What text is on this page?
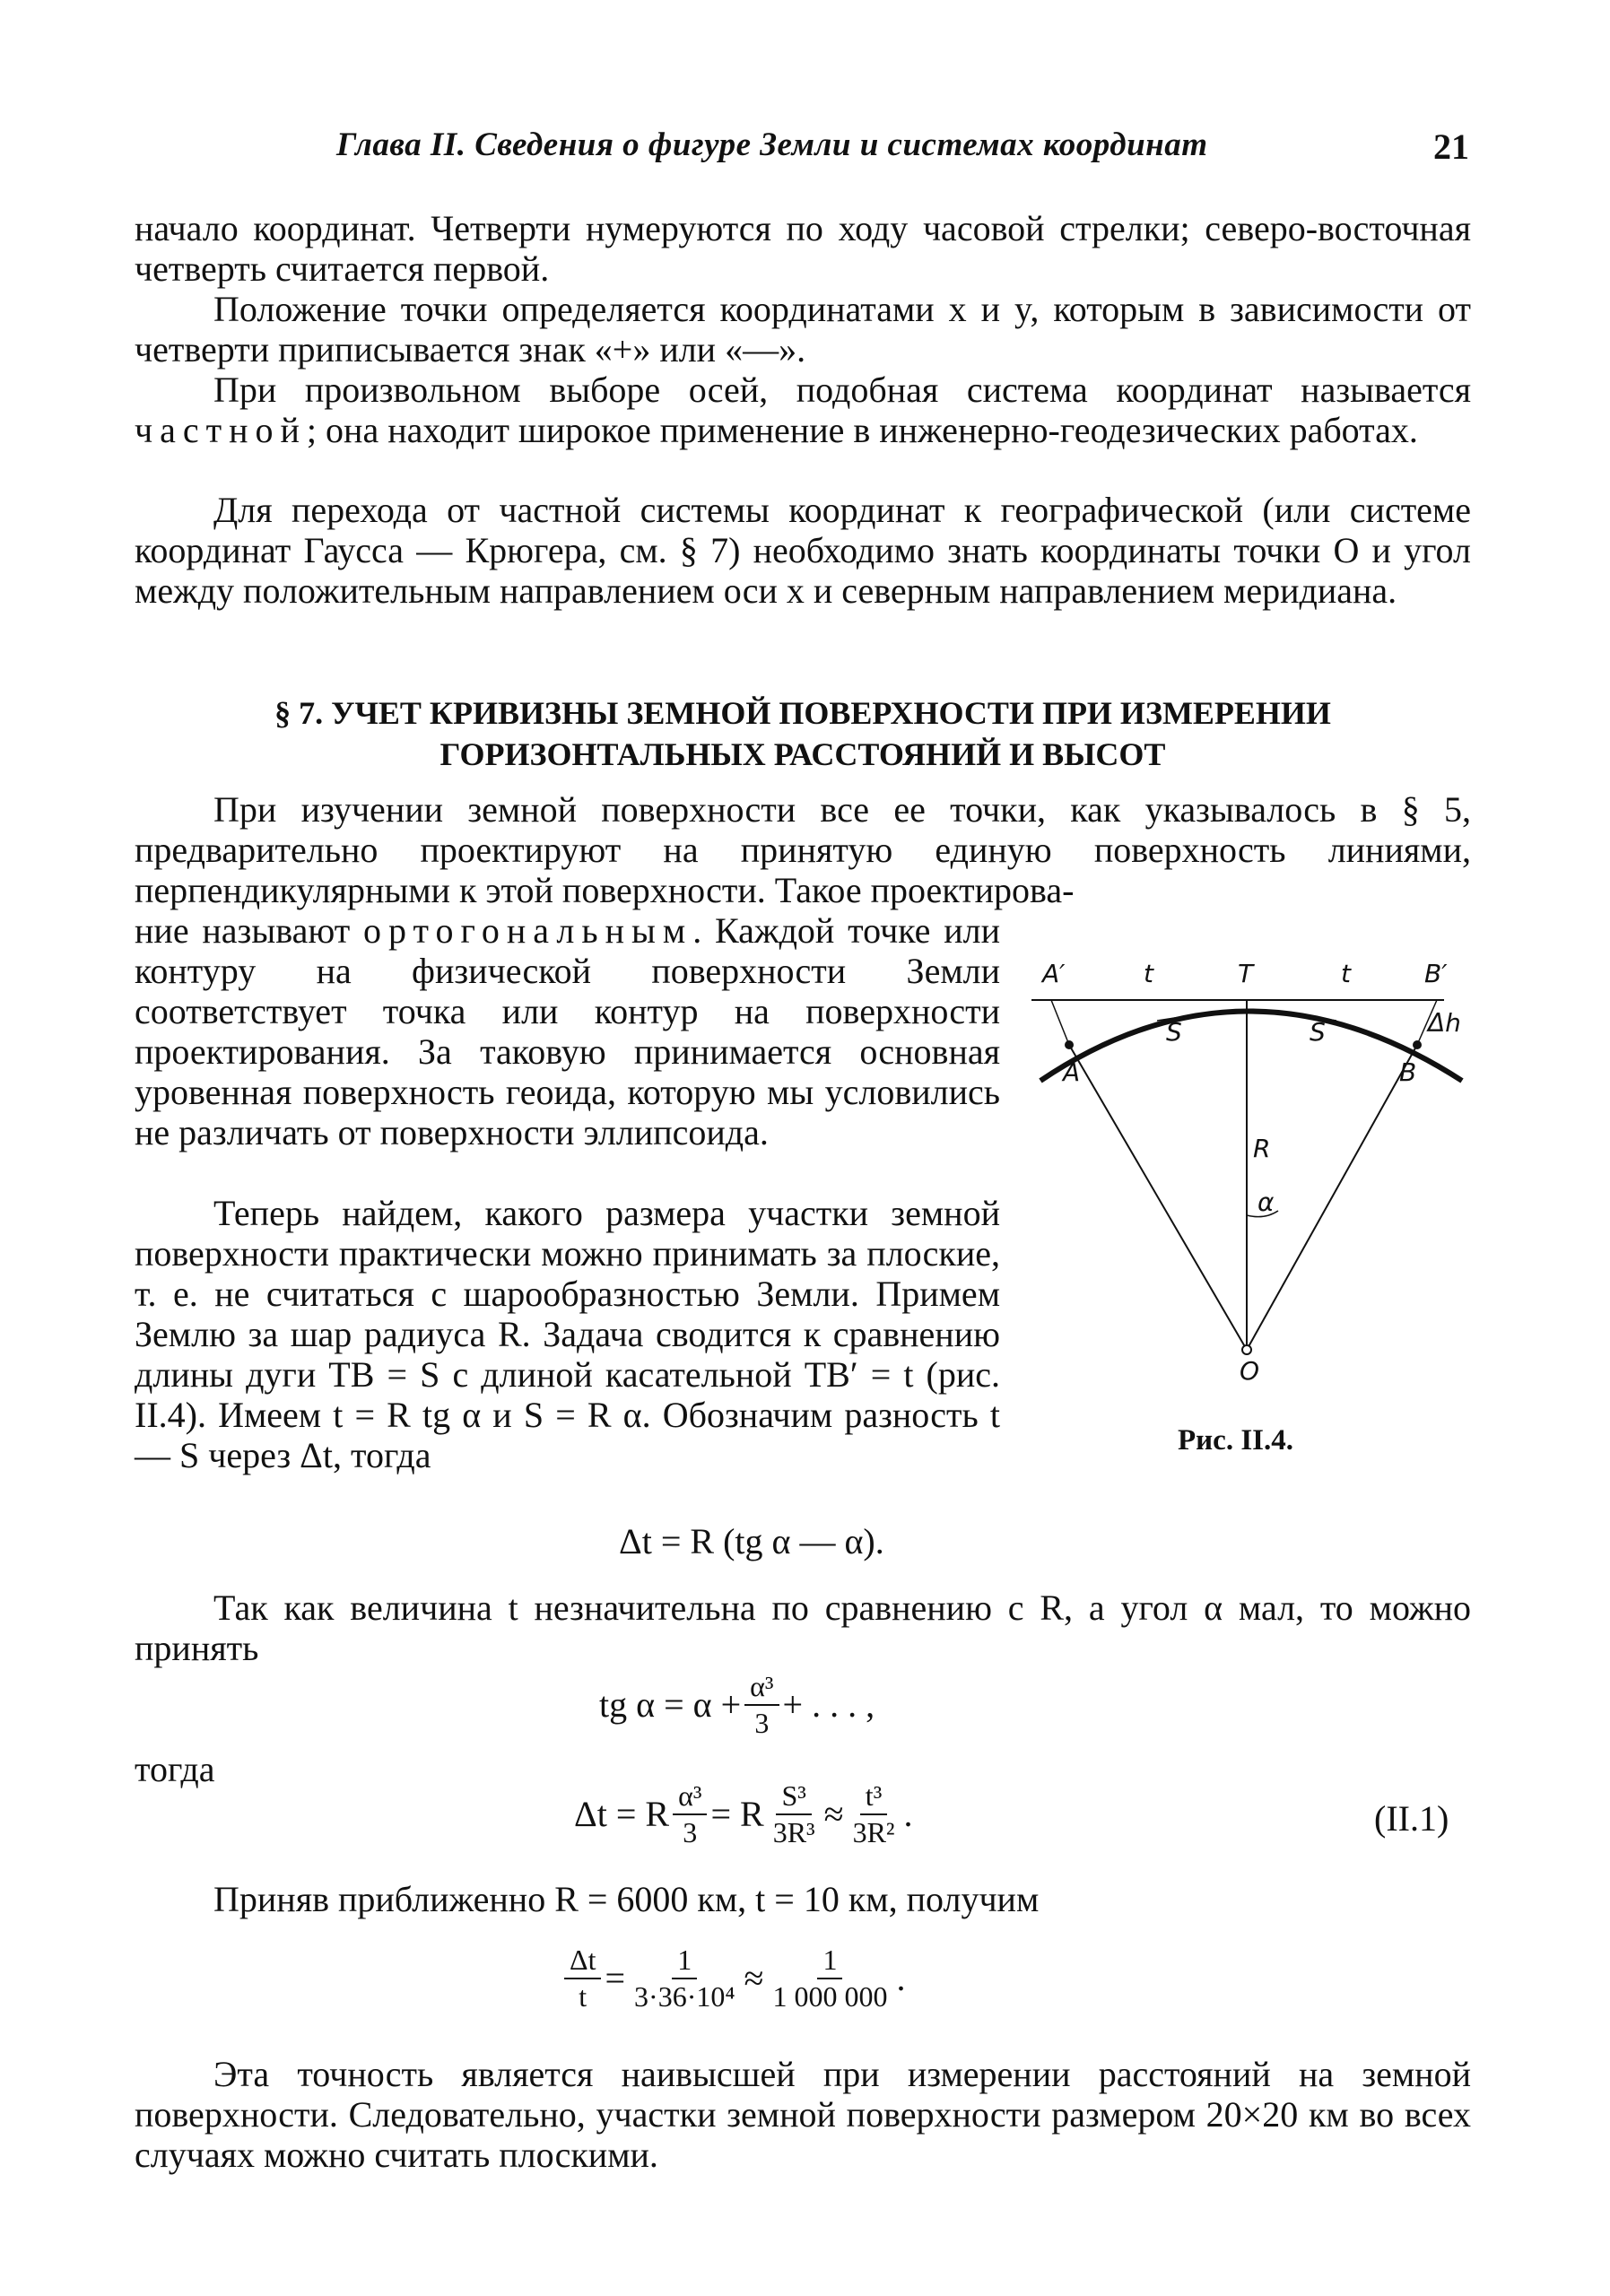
Глава II. Сведения о фигуре Земли и системах координат	21

начало координат. Четверти нумеруются по ходу часовой стрелки; северо-восточная четверть считается первой.

Положение точки определяется координатами x и y, которым в зависимости от четверти приписывается знак «+» или «—».

При произвольном выборе осей, подобная система координат называется частной; она находит широкое применение в инженерно-геодезических работах.

Для перехода от частной системы координат к географической (или системе координат Гаусса — Крюгера, см. § 7) необходимо знать координаты точки O и угол между положительным направлением оси x и северным направлением меридиана.

§ 7. УЧЕТ КРИВИЗНЫ ЗЕМНОЙ ПОВЕРХНОСТИ ПРИ ИЗМЕРЕНИИ
ГОРИЗОНТАЛЬНЫХ РАССТОЯНИЙ И ВЫСОТ

При изучении земной поверхности все ее точки, как указывалось в § 5, предварительно проектируют на принятую единую поверхность линиями, перпендикулярными к этой поверхности. Такое проектирова-

ние называют ортогональным. Каждой точке или контуру на физической поверхности Земли соответствует точка или контур на поверхности проектирования. За таковую принимается основная уровенная поверхность геоида, которую мы условились не различать от поверхности эллипсоида.

Теперь найдем, какого размера участки земной поверхности практически можно принимать за плоские, т. е. не считаться с шарообразностью Земли. Примем Землю за шар радиуса R. Задача сводится к сравнению длины дуги TB = S с длиной касательной TB′ = t (рис. II.4). Имеем t = R tg α и S = R α. Обозначим разность t — S через Δt, тогда

A′	t	T	t	B′
Δh
S	S
A	B
R
α
O
Рис. II.4.
Δt = R (tg α — α).

Так как величина t незначительна по сравнению с R, а угол α мал, то можно принять

tg $\alpha = \alpha + \frac{\text{α³}}{3}$ + . . . ,

тогда

Δt = R $\frac{\text{α³}}{3} = R \frac{\text{S³}}{\text{3R³}} \approx \frac{\text{t³}}{\text{3R²}}$ .	(II.1)

Приняв приближенно R = 6000 км, t = 10 км, получим

$\frac{\Delta t}{t} = \frac{1}{\text{3·36·10⁴}} \approx \frac{1}{1 000 000}$ .

Эта точность является наивысшей при измерении расстояний на земной поверхности. Следовательно, участки земной поверхности размером 20×20 км во всех случаях можно считать плоскими.
